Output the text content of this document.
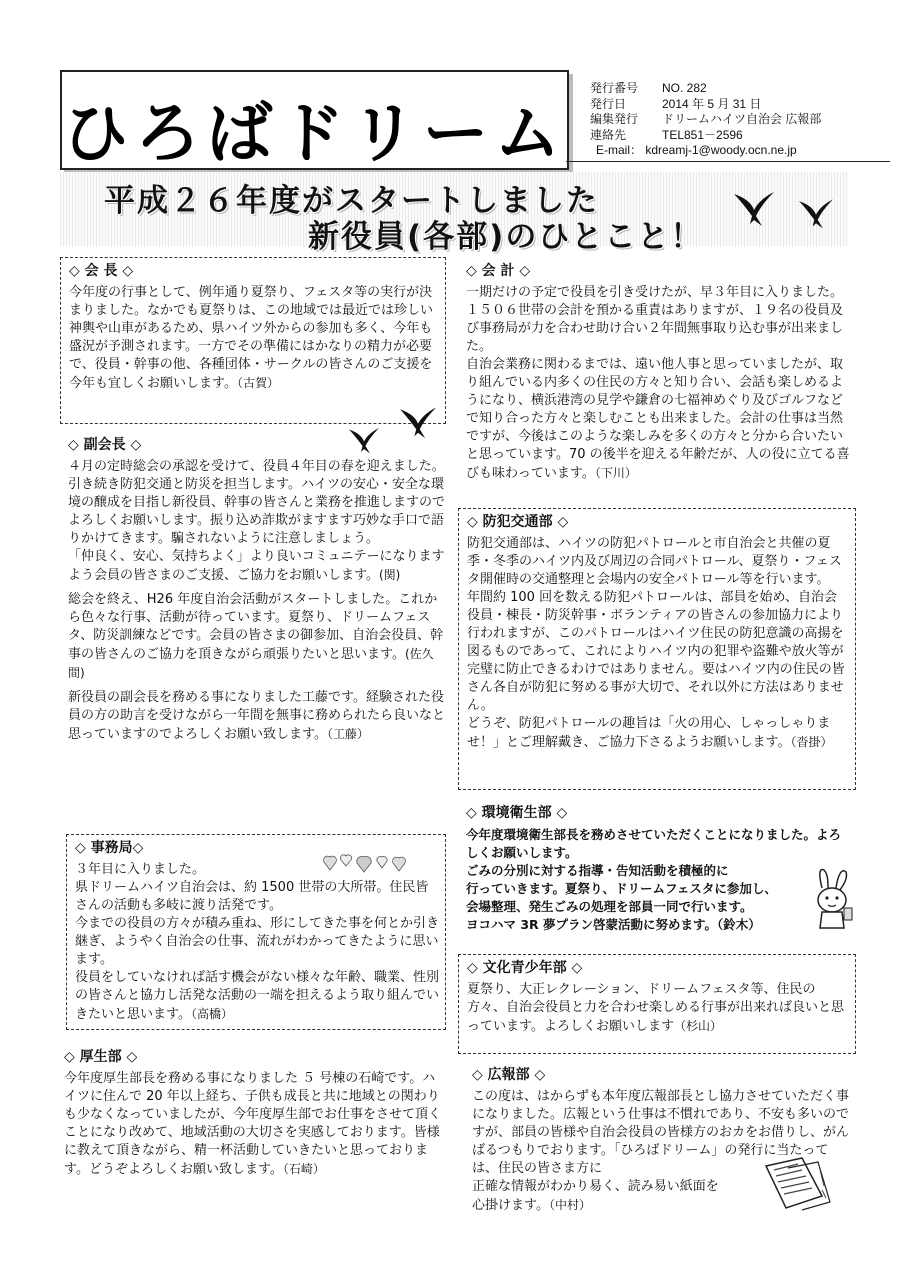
ひろばドリーム
発行番号	NO. 282
発行日	2014 年 5 月 31 日
編集発行	ドリームハイツ自治会 広報部
連絡先	TEL851－2596
E-mail： kdreamj-1@woody.ocn.ne.jp
平成２６年度がスタートしました
新役員(各部)のひとこと！
◇ 会 長 ◇

今年度の行事として、例年通り夏祭り、フェスタ等の実行が決まりました。なかでも夏祭りは、この地域では最近では珍しい神輿や山車があるため、県ハイツ外からの参加も多く、今年も盛況が予測されます。一方でその準備にはかなりの精力が必要で、役員・幹事の他、各種団体・サークルの皆さんのご支援を今年も宜しくお願いします。（古賀）

◇ 副会長 ◇

４月の定時総会の承認を受けて、役員４年目の春を迎えました。

引き続き防犯交通と防災を担当します。ハイツの安心・安全な環境の醸成を目指し新役員、幹事の皆さんと業務を推進しますのでよろしくお願いします。振り込め詐欺がますます巧妙な手口で語りかけてきます。騙されないように注意しましょう。

「仲良く、安心、気持ちよく」より良いコミュニテーになりますよう会員の皆さまのご支援、ご協力をお願いします。(関)

総会を終え、H26 年度自治会活動がスタートしました。これから色々な行事、活動が待っています。夏祭り、ドリームフェスタ、防災訓練などです。会員の皆さまの御参加、自治会役員、幹事の皆さんのご協力を頂きながら頑張りたいと思います。(佐久間)

新役員の副会長を務める事になりました工藤です。経験された役員の方の助言を受けながら一年間を無事に務められたら良いなと思っていますのでよろしくお願い致します。（工藤）

◇ 事務局◇

３年目に入りました。

県ドリームハイツ自治会は、約 1500 世帯の大所帯。住民皆さんの活動も多岐に渡り活発です。

今までの役員の方々が積み重ね、形にしてきた事を何とか引き継ぎ、ようやく自治会の仕事、流れがわかってきたように思います。

役員をしていなければ話す機会がない様々な年齢、職業、性別の皆さんと協力し活発な活動の一端を担えるよう取り組んでいきたいと思います。（高橋）

◇ 厚生部 ◇

今年度厚生部長を務める事になりました ５ 号棟の石崎です。ハイツに住んで 20 年以上経ち、子供も成長と共に地域との関わりも少なくなっていましたが、今年度厚生部でお仕事をさせて頂くことになり改めて、地域活動の大切さを実感しております。皆様に教えて頂きながら、精一杯活動していきたいと思っております。どうぞよろしくお願い致します。（石崎）

◇ 会 計 ◇

一期だけの予定で役員を引き受けたが、早３年目に入りました。

１５０６世帯の会計を預かる重責はありますが、１９名の役員及び事務局が力を合わせ助け合い２年間無事取り込む事が出来ました。

自治会業務に関わるまでは、遠い他人事と思っていましたが、取り組んでいる内多くの住民の方々と知り合い、会話も楽しめるようになり、横浜港湾の見学や鎌倉の七福神めぐり及びゴルフなどで知り合った方々と楽しむことも出来ました。会計の仕事は当然ですが、今後はこのような楽しみを多くの方々と分から合いたいと思っています。70 の後半を迎える年齢だが、人の役に立てる喜びも味わっています。（下川）

◇ 防犯交通部 ◇

防犯交通部は、ハイツの防犯パトロールと市自治会と共催の夏季・冬季のハイツ内及び周辺の合同パトロール、夏祭り・フェスタ開催時の交通整理と会場内の安全パトロール等を行います。

年間約 100 回を数える防犯パトロールは、部員を始め、自治会役員・棟長・防災幹事・ボランティアの皆さんの参加協力により行われますが、このパトロールはハイツ住民の防犯意識の高揚を図るものであって、これによりハイツ内の犯罪や盗難や放火等が完璧に防止できるわけではありません。要はハイツ内の住民の皆さん各自が防犯に努める事が大切で、それ以外に方法はありません。

どうぞ、防犯パトロールの趣旨は「火の用心、しゃっしゃりませ！」とご理解戴き、ご協力下さるようお願いします。（沓掛）

◇ 環境衛生部 ◇

今年度環境衛生部長を務めさせていただくことになりました。よろしくお願いします。

ごみの分別に対する指導・告知活動を積極的に

行っていきます。夏祭り、ドリームフェスタに参加し、

会場整理、発生ごみの処理を部員一同で行います。

ヨコハマ 3R 夢プラン啓蒙活動に努めます。（鈴木）

◇ 文化青少年部 ◇

夏祭り、大正レクレーション、ドリームフェスタ等、住民の方々、自治会役員と力を合わせ楽しめる行事が出来れば良いと思っています。よろしくお願いします（杉山）

◇ 広報部 ◇

この度は、はからずも本年度広報部長とし協力させていただく事になりました。広報という仕事は不慣れであり、不安も多いのですが、部員の皆様や自治会役員の皆様方のおカをお借りし、がんばるつもりでおります。「ひろばドリーム」の発行に当たっては、住民の皆さま方に

正確な情報がわかり易く、読み易い紙面を

心掛けます。（中村）
